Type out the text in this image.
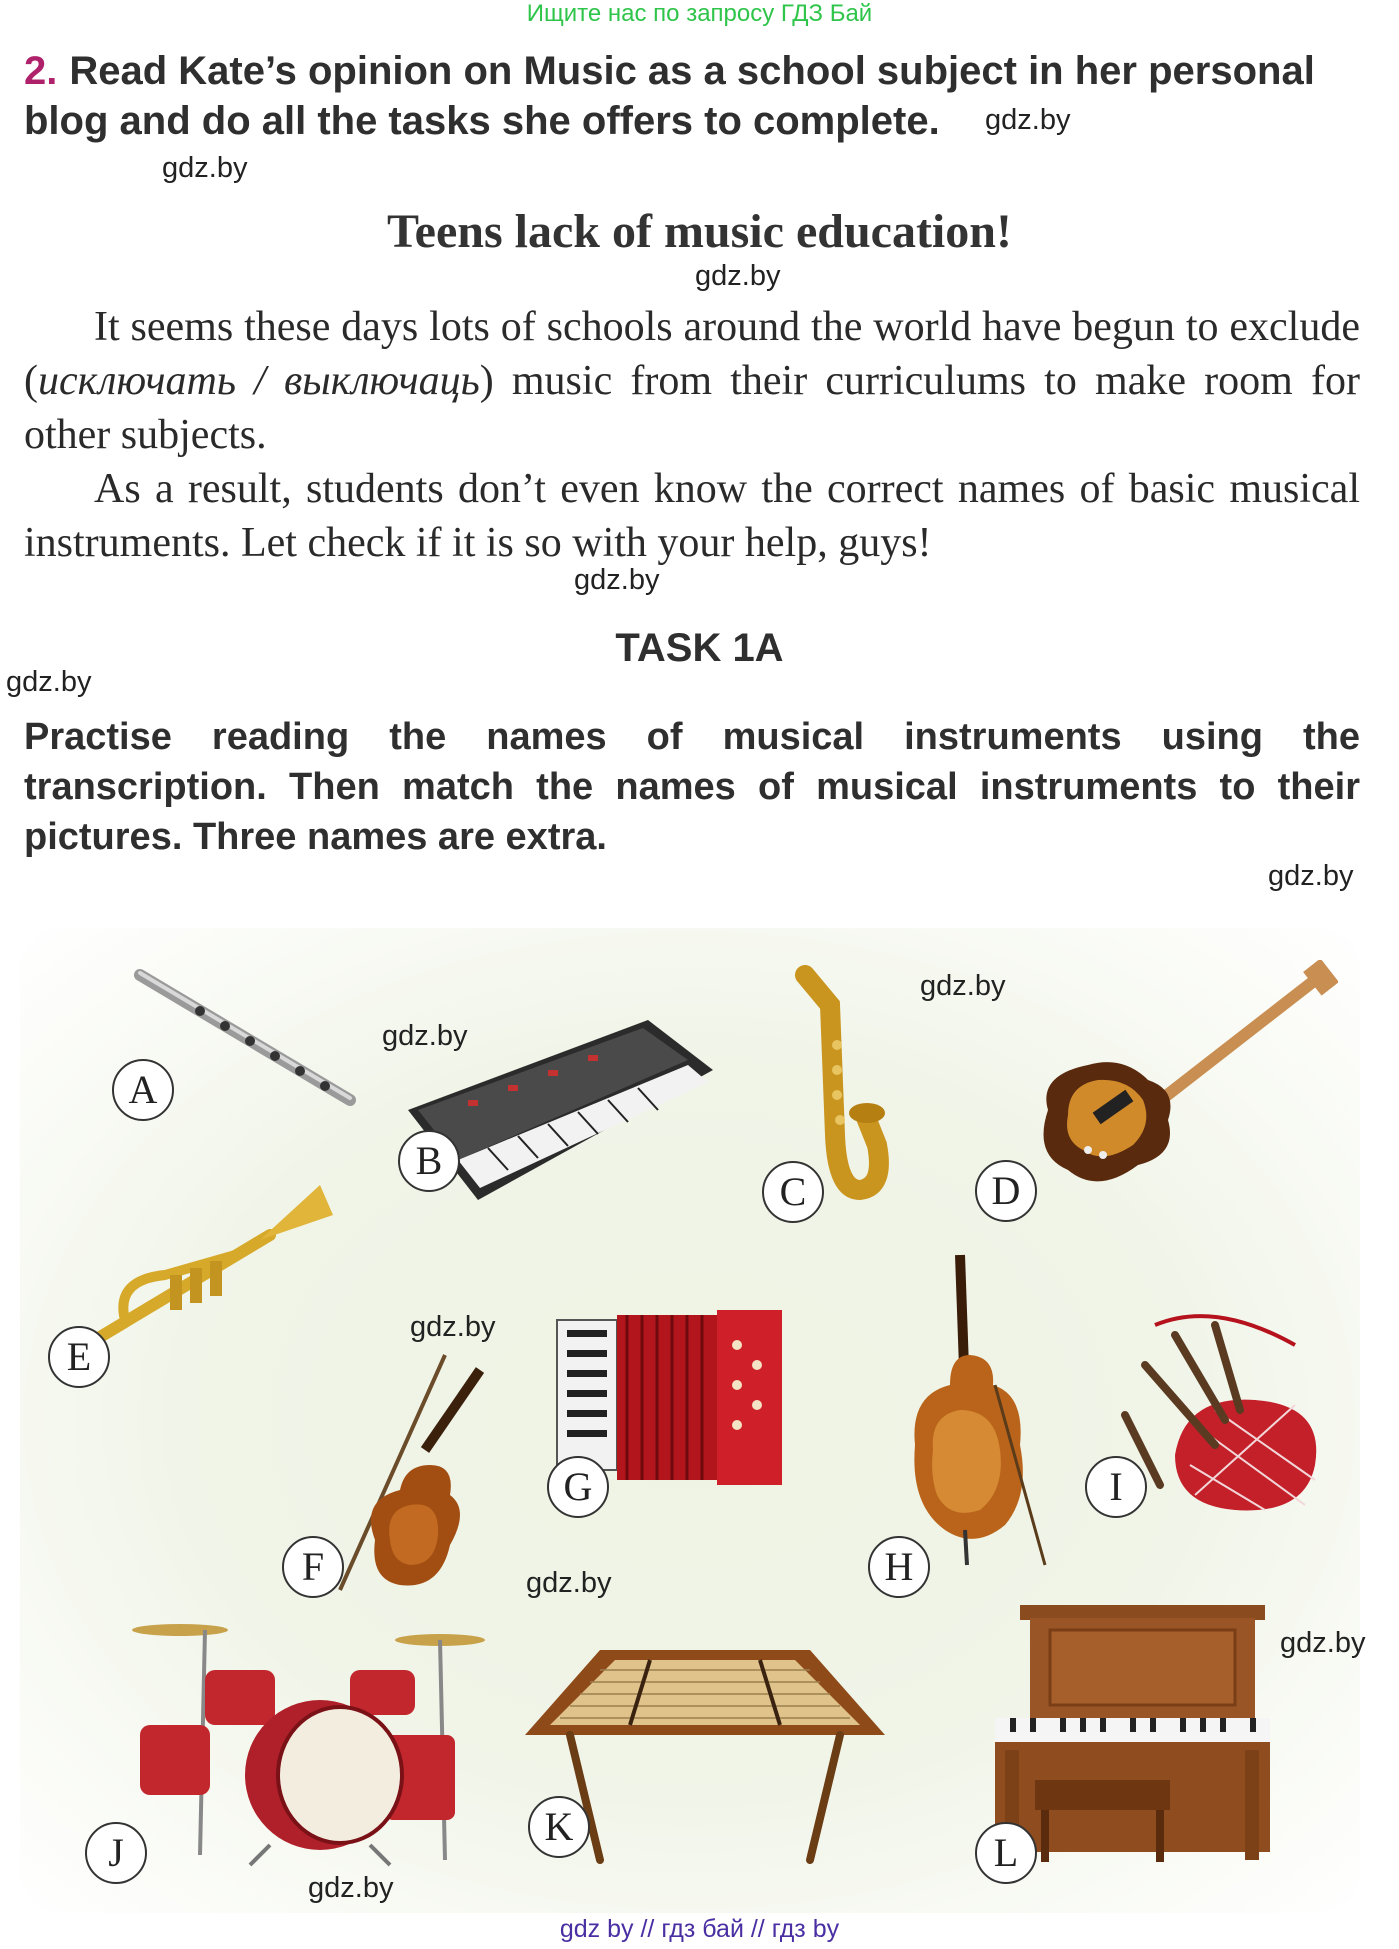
Ищите нас по запросу ГДЗ Бай
2. Read Kate’s opinion on Music as a school subject in her personal blog and do all the tasks she offers to complete.	gdz.by
gdz.by
gdz.by
gdz.by
gdz.by
gdz.by
Teens lack of music education!

It seems these days lots of schools around the world have begun to exclude (исключать / выключаць) music from their curriculums to make room for other subjects.

As a result, students don’t even know the correct names of basic musical instruments. Let check if it is so with your help, guys!

TASK 1A
Practise reading the names of musical instruments using the transcription. Then match the names of musical instruments to their pictures. Three names are extra.
A
B
C	D
E
F
G
H
I
J
K
L
gdz.by
gdz.by
gdz.by
gdz.by
gdz.by
gdz.by
gdz by // гдз бай // гдз by
